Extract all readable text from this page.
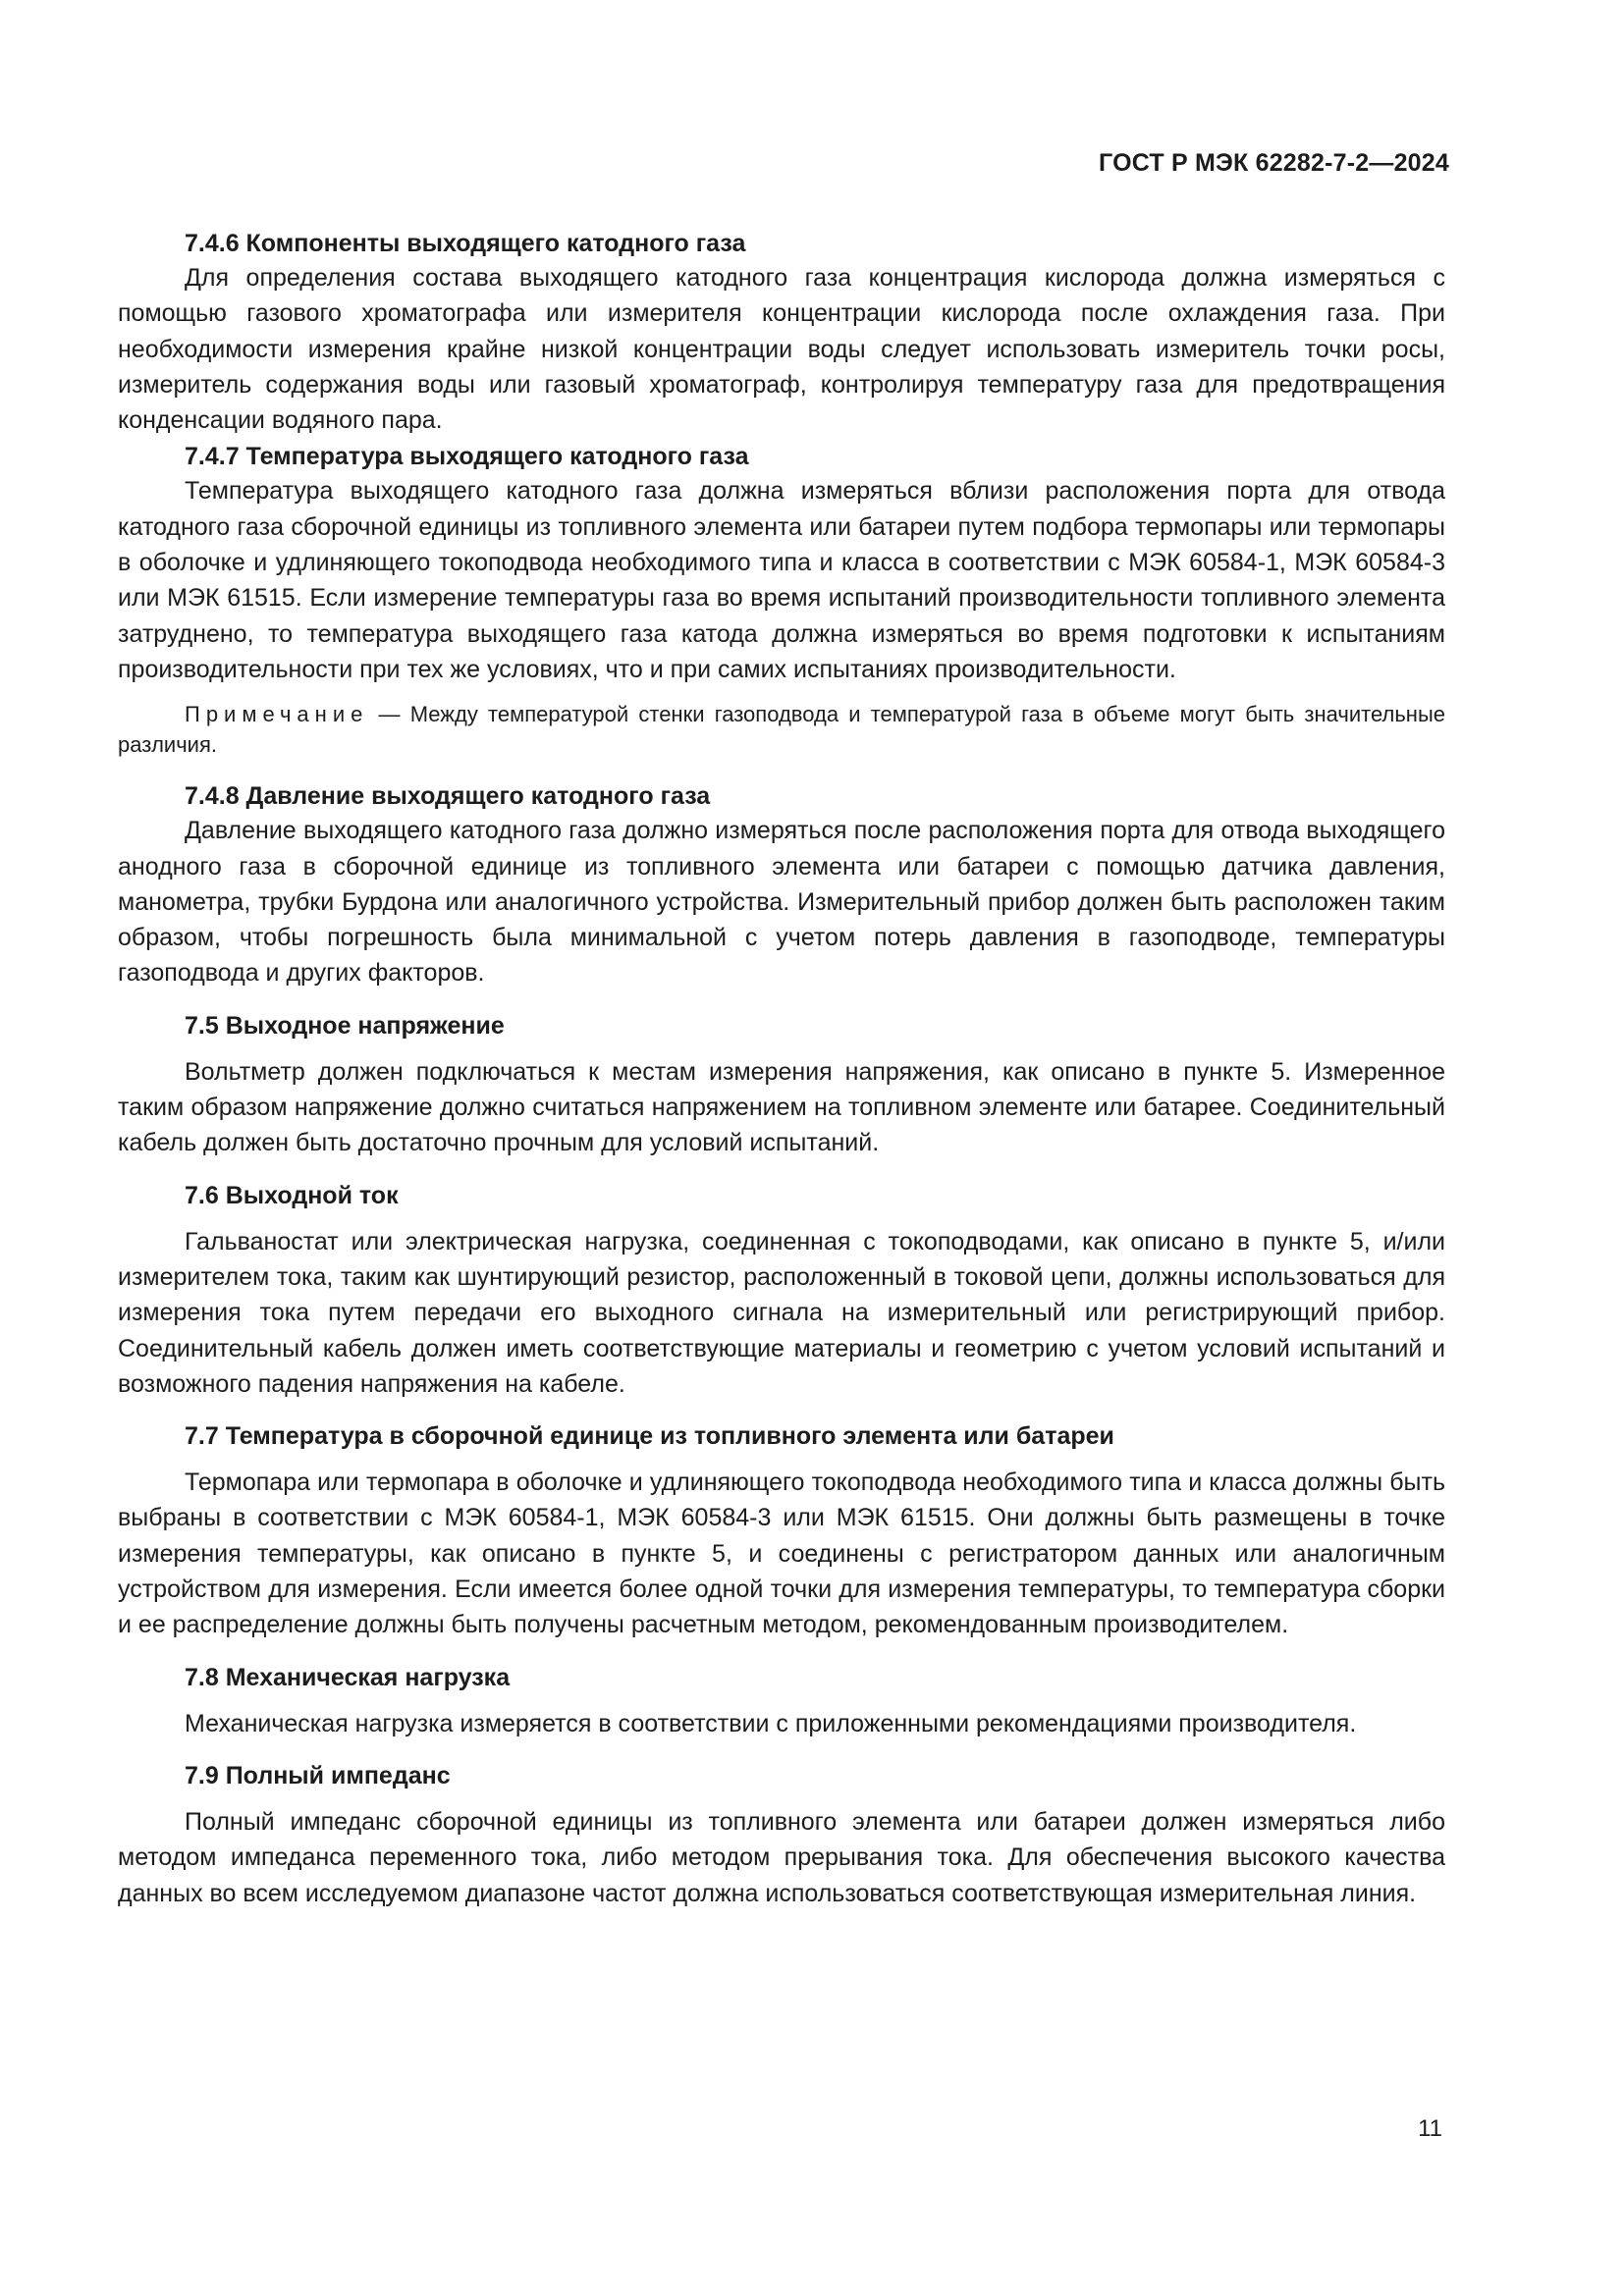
ГОСТ Р МЭК 62282-7-2—2024
7.4.6 Компоненты выходящего катодного газа

Для определения состава выходящего катодного газа концентрация кислорода должна измеряться с помощью газового хроматографа или измерителя концентрации кислорода после охлаждения газа. При необходимости измерения крайне низкой концентрации воды следует использовать измеритель точки росы, измеритель содержания воды или газовый хроматограф, контролируя температуру газа для предотвращения конденсации водяного пара.

7.4.7 Температура выходящего катодного газа

Температура выходящего катодного газа должна измеряться вблизи расположения порта для отвода катодного газа сборочной единицы из топливного элемента или батареи путем подбора термопары или термопары в оболочке и удлиняющего токоподвода необходимого типа и класса в соответствии с МЭК 60584-1, МЭК 60584-3 или МЭК 61515. Если измерение температуры газа во время испытаний производительности топливного элемента затруднено, то температура выходящего газа катода должна измеряться во время подготовки к испытаниям производительности при тех же условиях, что и при самих испытаниях производительности.

Примечание — Между температурой стенки газоподвода и температурой газа в объеме могут быть значительные различия.

7.4.8 Давление выходящего катодного газа

Давление выходящего катодного газа должно измеряться после расположения порта для отвода выходящего анодного газа в сборочной единице из топливного элемента или батареи с помощью датчика давления, манометра, трубки Бурдона или аналогичного устройства. Измерительный прибор должен быть расположен таким образом, чтобы погрешность была минимальной с учетом потерь давления в газоподводе, температуры газоподвода и других факторов.

7.5 Выходное напряжение

Вольтметр должен подключаться к местам измерения напряжения, как описано в пункте 5. Измеренное таким образом напряжение должно считаться напряжением на топливном элементе или батарее. Соединительный кабель должен быть достаточно прочным для условий испытаний.

7.6 Выходной ток

Гальваностат или электрическая нагрузка, соединенная с токоподводами, как описано в пункте 5, и/или измерителем тока, таким как шунтирующий резистор, расположенный в токовой цепи, должны использоваться для измерения тока путем передачи его выходного сигнала на измерительный или регистрирующий прибор. Соединительный кабель должен иметь соответствующие материалы и геометрию с учетом условий испытаний и возможного падения напряжения на кабеле.

7.7 Температура в сборочной единице из топливного элемента или батареи

Термопара или термопара в оболочке и удлиняющего токоподвода необходимого типа и класса должны быть выбраны в соответствии с МЭК 60584-1, МЭК 60584-3 или МЭК 61515. Они должны быть размещены в точке измерения температуры, как описано в пункте 5, и соединены с регистратором данных или аналогичным устройством для измерения. Если имеется более одной точки для измерения температуры, то температура сборки и ее распределение должны быть получены расчетным методом, рекомендованным производителем.

7.8 Механическая нагрузка

Механическая нагрузка измеряется в соответствии с приложенными рекомендациями производителя.

7.9 Полный импеданс

Полный импеданс сборочной единицы из топливного элемента или батареи должен измеряться либо методом импеданса переменного тока, либо методом прерывания тока. Для обеспечения высокого качества данных во всем исследуемом диапазоне частот должна использоваться соответствующая измерительная линия.

11
